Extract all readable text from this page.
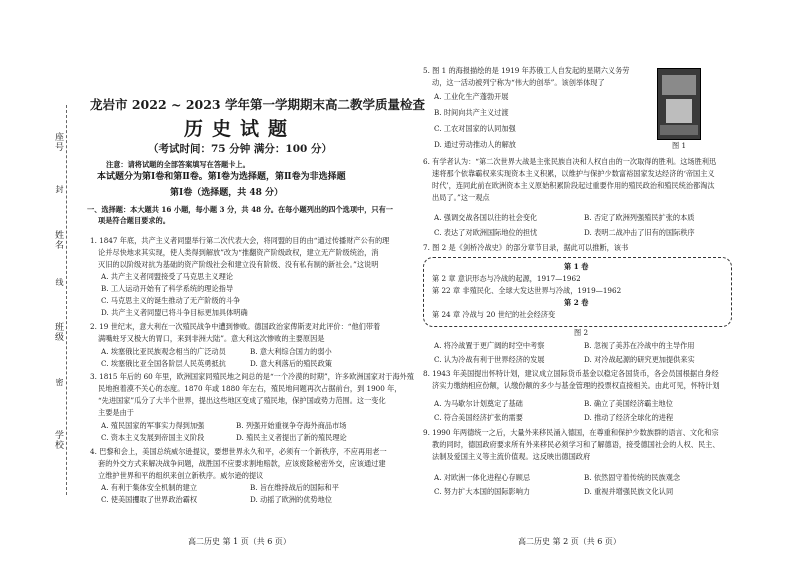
座号
姓名
班级
学校
封
线
密
龙岩市 2022 ~ 2023 学年第一学期期末高二教学质量检查
历史试题
（考试时间：75 分钟 满分：100 分）
注意：请将试题的全部答案填写在答题卡上。
本试题分为第Ⅰ卷和第Ⅱ卷。第Ⅰ卷为选择题，第Ⅱ卷为非选择题
第Ⅰ卷（选择题，共 48 分）
一、选择题：本大题共 16 小题，每小题 3 分，共 48 分。在每小题列出的四个选项中，只有一
项是符合题目要求的。
1. 1847 年底，共产主义者同盟举行第二次代表大会，将同盟的目的由“通过传播财产公有的理
论并尽快地求其实现，使人类得到解放”改为“推翻资产阶级政权，建立无产阶级统治，消
灭旧的以阶级对抗为基础的资产阶级社会和建立没有阶级、没有私有制的新社会。”这说明
A. 共产主义者同盟接受了马克思主义理论
B. 工人运动开始有了科学系统的理论指导
C. 马克思主义的诞生推动了无产阶级的斗争
D. 共产主义者同盟已将斗争目标更加具体明确
2. 19 世纪末，意大利在一次殖民战争中遭到惨败。德国政治家俾斯麦对此评价：“他们带着
满嘴蛀牙又极大的胃口，来到非洲大陆”。意大利这次惨败的主要原因是
A. 埃塞俄比亚民族观念相当的广泛动员	B. 意大利综合国力的弱小
C. 埃塞俄比亚全国各阶层人民英勇抵抗	D. 意大利落后的殖民政策
3. 1815 年后的 60 年里，欧洲国家同殖民地之间总的是“一个冷漠的时期”，许多欧洲国家对于海外殖
民地抱着漠不关心的态度。1870 年或 1880 年左右，殖民地问题再次占据前台，到 1900 年，
“先进国家”瓜分了大半个世界，提出这些地区变成了殖民地，保护国或势力范围。这一变化
主要是由于
A. 殖民国家的军事实力得到加强	B. 列强开始重视争夺海外商品市场
C. 资本主义发展到帝国主义阶段	D. 殖民主义者提出了新的殖民理论
4. 巴黎和会上，美国总统威尔逊提议，要想世界永久和平，必须有一个新秩序，不应再用老一
套的外交方式来解决战争问题，战胜国不应要求割地赔款，应该废除秘密外交，应该通过建
立维护世界和平的组织来创立新秩序。威尔逊的提议
A. 有利于集体安全机制的建立	B. 旨在维持战后的国际和平
C. 使美国攫取了世界政治霸权	D. 动摇了欧洲的优势地位
高二历史 第 1 页（共 6 页）
5. 图 1 的海报描绘的是 1919 年苏俄工人自发起的星期六义务劳
动，这一活动被列宁称为“伟大的创举”。该创举体现了
A. 工业化生产蓬勃开展
B. 时间向共产主义过渡
C. 工农对国家的认同加强
D. 通过劳动推动人的解放	图 1
6. 有学者认为：“第二次世界大战是主张民族自决和人权自由的一次取得的胜利。这场胜利迅
速将那个依靠霸权来实现资本主义积累，以维护与保护少数富裕国家发达经济的‘帝国主义
时代’，连同此前在欧洲资本主义原始积累阶段起过重要作用的殖民政治和殖民统治都淘汰
出局了。”这一观点
A. 强调交战各国以往的社会变化	B. 否定了欧洲列强殖民扩张的本质
C. 表达了对欧洲国际地位的担忧	D. 表明二战冲击了旧有的国际秩序
7. 图 2 是《剑桥冷战史》的部分章节目录，据此可以推断，该书
第 1 卷
第 2 章 意识形态与冷战的起源，1917—1962
第 22 章 非殖民化、全球大发达世界与冷战，1919—1962
第 2 卷
第 24 章 冷战与 20 世纪的社会经济变
图 2
A. 将冷战置于更广阔的时空中考察	B. 忽视了美苏在冷战中的主导作用
C. 认为冷战有利于世界经济的发展	D. 对冷战起源的研究更加提供来实
8. 1943 年美国提出怀特计划，建议成立国际货币基金以稳定各国货币，各会员国根据自身经
济实力缴纳相应份额，认缴份额的多少与基金管理的投票权直接相关。由此可见，怀特计划
A. 为马歇尔计划奠定了基础	B. 确立了美国经济霸主地位
C. 符合美国经济扩张的需要	D. 推动了经济全球化的进程
9. 1990 年两德统一之后，大量外来移民涌入德国，在尊重和保护少数族群的语言、文化和宗
教的同时，德国政府要求所有外来移民必须学习和了解德语，接受德国社会的人权、民主、
法制及爱国主义等主流价值观。这反映出德国政府
A. 对欧洲一体化进程心存顾忌	B. 依然固守着传统的民族观念
C. 努力扩大本国的国际影响力	D. 重视并增强民族文化认同
高二历史 第 2 页（共 6 页）
